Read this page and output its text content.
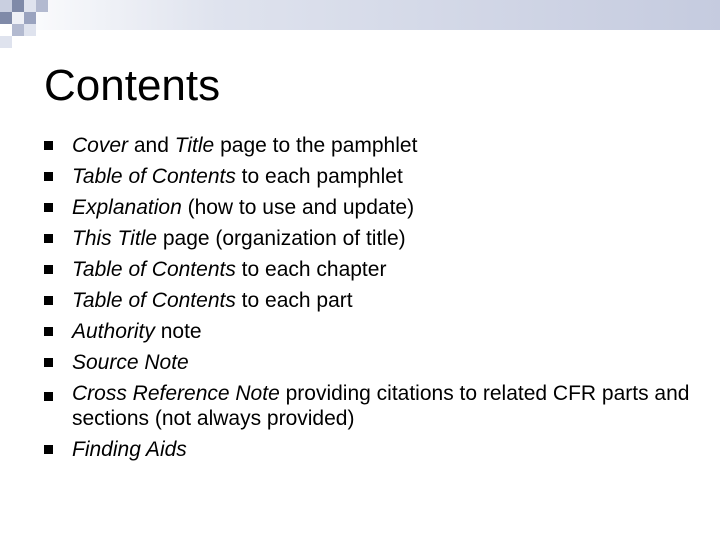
Contents
Cover and Title page to the pamphlet
Table of Contents to each pamphlet
Explanation (how to use and update)
This Title page (organization of title)
Table of Contents to each chapter
Table of Contents to each part
Authority note
Source Note
Cross Reference Note providing citations to related CFR parts and sections (not always provided)
Finding Aids
